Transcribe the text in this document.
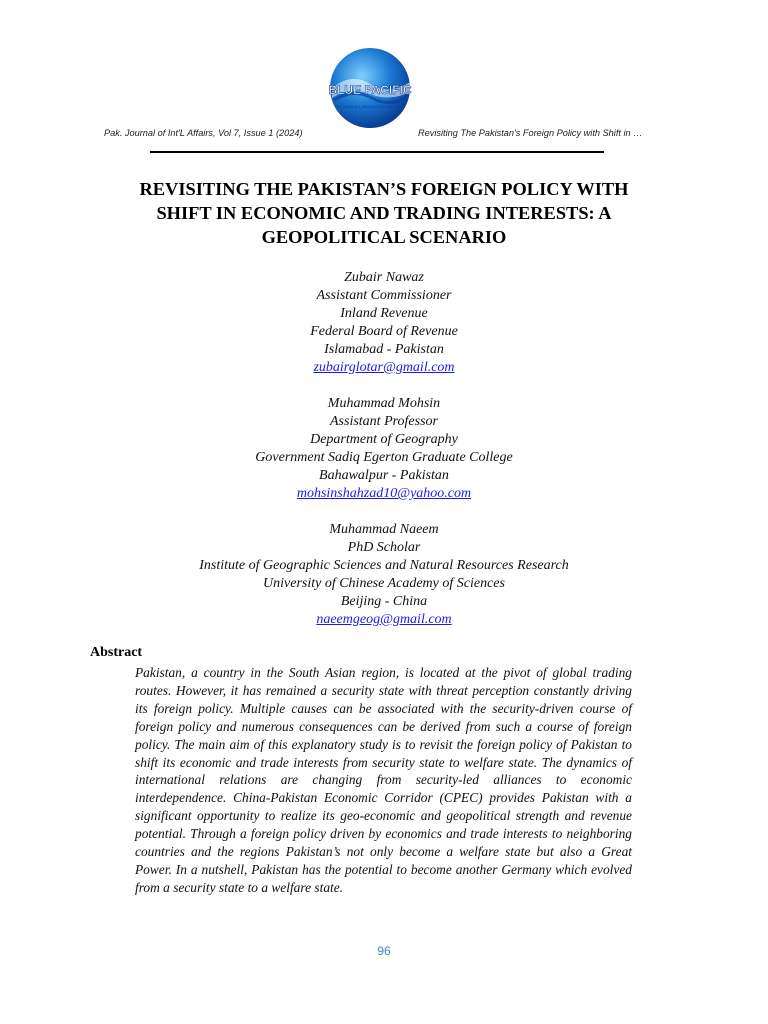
BLUE PACIFIC
RESEARCH & INNOVATION SERVICES
Pak. Journal of Int'L Affairs, Vol 7, Issue 1 (2024)	Revisiting The Pakistan's Foreign Policy with Shift in …
REVISITING THE PAKISTAN’S FOREIGN POLICY WITH
SHIFT IN ECONOMIC AND TRADING INTERESTS: A
GEOPOLITICAL SCENARIO
Zubair Nawaz
Assistant Commissioner
Inland Revenue
Federal Board of Revenue
Islamabad - Pakistan
zubairglotar@gmail.com
Muhammad Mohsin
Assistant Professor
Department of Geography
Government Sadiq Egerton Graduate College
Bahawalpur - Pakistan
mohsinshahzad10@yahoo.com
Muhammad Naeem
PhD Scholar
Institute of Geographic Sciences and Natural Resources Research
University of Chinese Academy of Sciences
Beijing - China
naeemgeog@gmail.com
Abstract

Pakistan, a country in the South Asian region, is located at the pivot of global trading routes. However, it has remained a security state with threat perception constantly driving its foreign policy. Multiple causes can be associated with the security-driven course of foreign policy and numerous consequences can be derived from such a course of foreign policy. The main aim of this explanatory study is to revisit the foreign policy of Pakistan to shift its economic and trade interests from security state to welfare state. The dynamics of international relations are changing from security-led alliances to economic interdependence. China-Pakistan Economic Corridor (CPEC) provides Pakistan with a significant opportunity to realize its geo-economic and geopolitical strength and revenue potential. Through a foreign policy driven by economics and trade interests to neighboring countries and the regions Pakistan’s not only become a welfare state but also a Great Power. In a nutshell, Pakistan has the potential to become another Germany which evolved from a security state to a welfare state.

96
